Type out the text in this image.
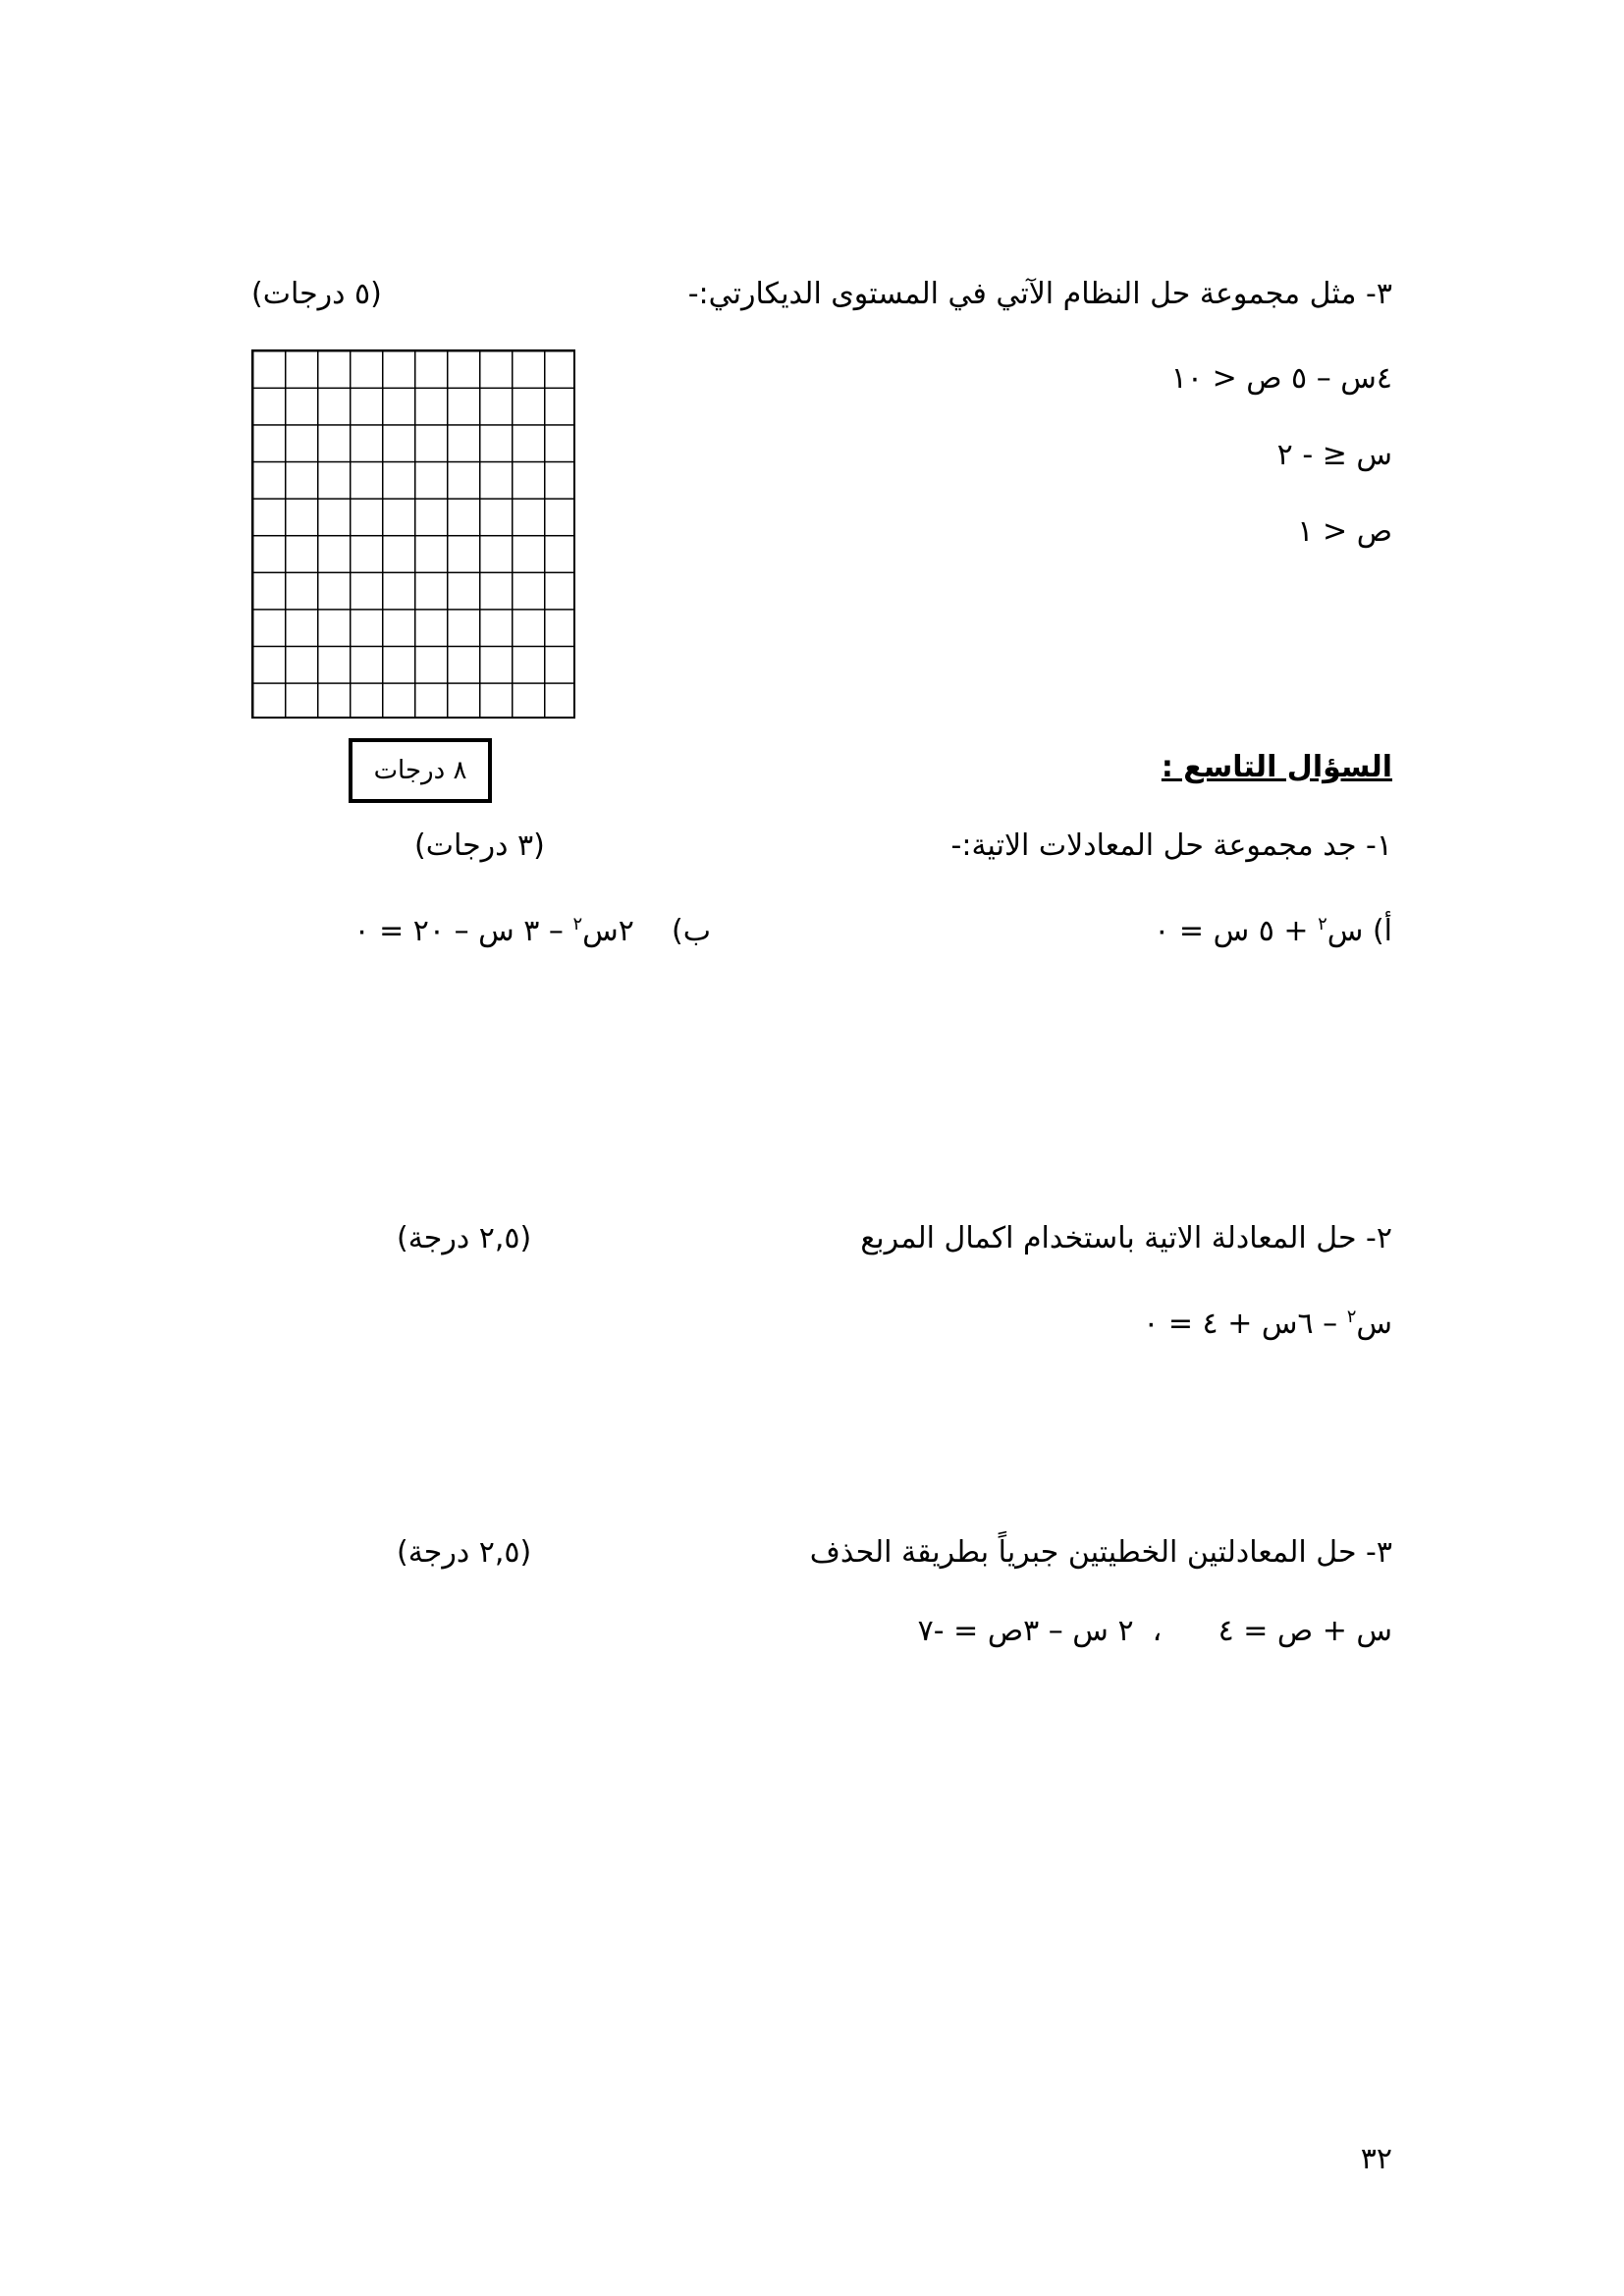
٣- مثل مجموعة حل النظام الآتي في المستوى الديكارتي:-
(٥ درجات)
٤س – ٥ ص < ١٠
س ≤ - ٢
ص < ١
السؤال التاسع :
٨ درجات
١- جد مجموعة حل المعادلات الاتية:-
(٣ درجات)
أ) س$^٢$ + ٥ س = ٠
ب)    ٢س$^٢$ – ٣ س – ٢٠ = ٠
٢- حل المعادلة الاتية باستخدام اكمال المربع
(٢,٥ درجة)
س$^٢$ – ٦س + ٤ = ٠
٣- حل المعادلتين الخطيتين جبرياً بطريقة الحذف
(٢,٥ درجة)
س + ص = ٤      ،  ٢ س – ٣ص = -٧
٣٢
